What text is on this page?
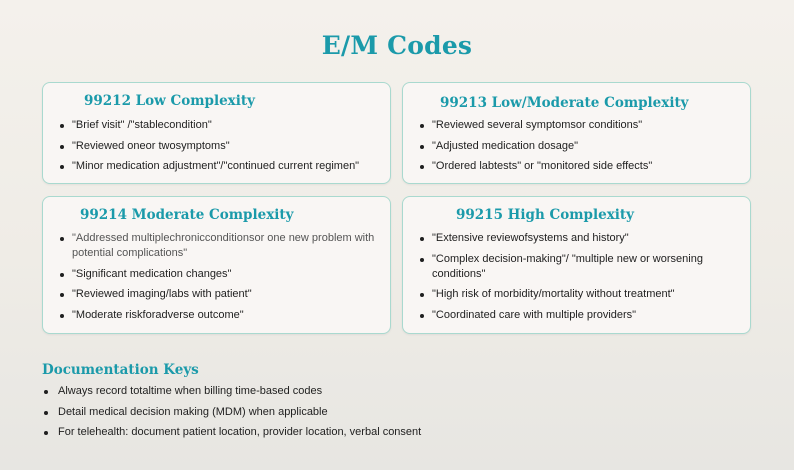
E/M Codes
99212 Low Complexity
"Brief visit" /"stablecondition"
"Reviewed oneor twosymptoms"
"Minor medication adjustment"/"continued current regimen"
99213 Low/Moderate Complexity
"Reviewed several symptomsor conditions"
"Adjusted medication dosage"
"Ordered labtests" or "monitored side effects"
99214 Moderate Complexity
"Addressed multiplechronicconditionsor one new problem with potential complications"
"Significant medication changes"
"Reviewed imaging/labs with patient"
"Moderate riskforadverse outcome"
99215 High Complexity
"Extensive reviewofsystems and history"
"Complex decision-making"/ "multiple new or worsening conditions"
"High risk of morbidity/mortality without treatment"
"Coordinated care with multiple providers"
Documentation Keys
Always record totaltime when billing time-based codes
Detail medical decision making (MDM) when applicable
For telehealth: document patient location, provider location, verbal consent
